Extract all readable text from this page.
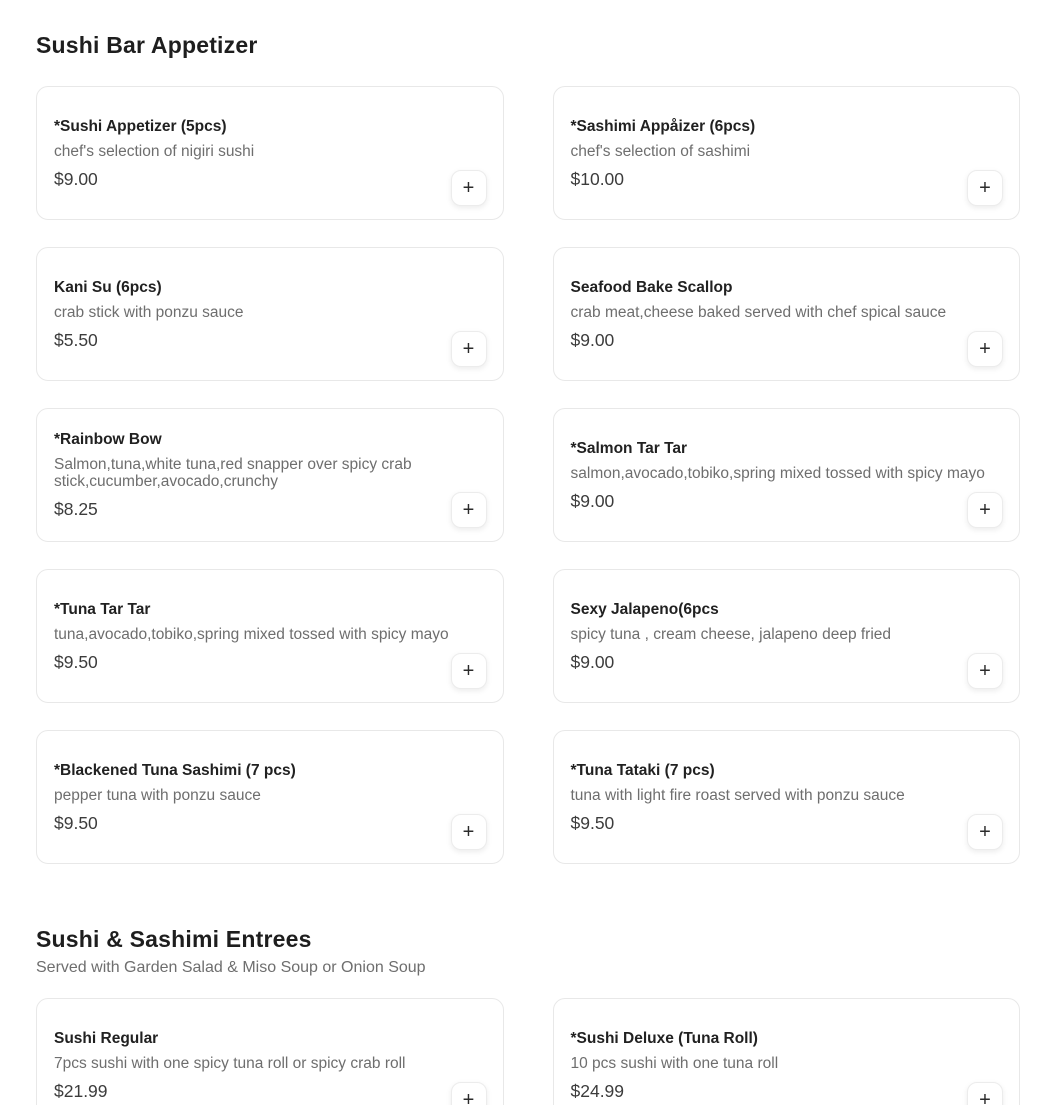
Sushi Bar Appetizer
*Sushi Appetizer (5pcs)

chef's selection of nigiri sushi

$9.00	+
*Sashimi Appåizer (6pcs)

chef's selection of sashimi

$10.00	+
Kani Su (6pcs)

crab stick with ponzu sauce

$5.50	+
Seafood Bake Scallop

crab meat,cheese baked served with chef spical sauce

$9.00	+
*Rainbow Bow

Salmon,tuna,white tuna,red snapper over spicy crab stick,cucumber,avocado,crunchy

$8.25	+
*Salmon Tar Tar

salmon,avocado,tobiko,spring mixed tossed with spicy mayo

$9.00	+
*Tuna Tar Tar

tuna,avocado,tobiko,spring mixed tossed with spicy mayo

$9.50	+
Sexy Jalapeno(6pcs

spicy tuna , cream cheese, jalapeno deep fried

$9.00	+
*Blackened Tuna Sashimi (7 pcs)

pepper tuna with ponzu sauce

$9.50	+
*Tuna Tataki (7 pcs)

tuna with light fire roast served with ponzu sauce

$9.50	+
Sushi & Sashimi Entrees

Served with Garden Salad & Miso Soup or Onion Soup

Sushi Regular

7pcs sushi with one spicy tuna roll or spicy crab roll

$21.99	+
*Sushi Deluxe (Tuna Roll)

10 pcs sushi with one tuna roll

$24.99	+
